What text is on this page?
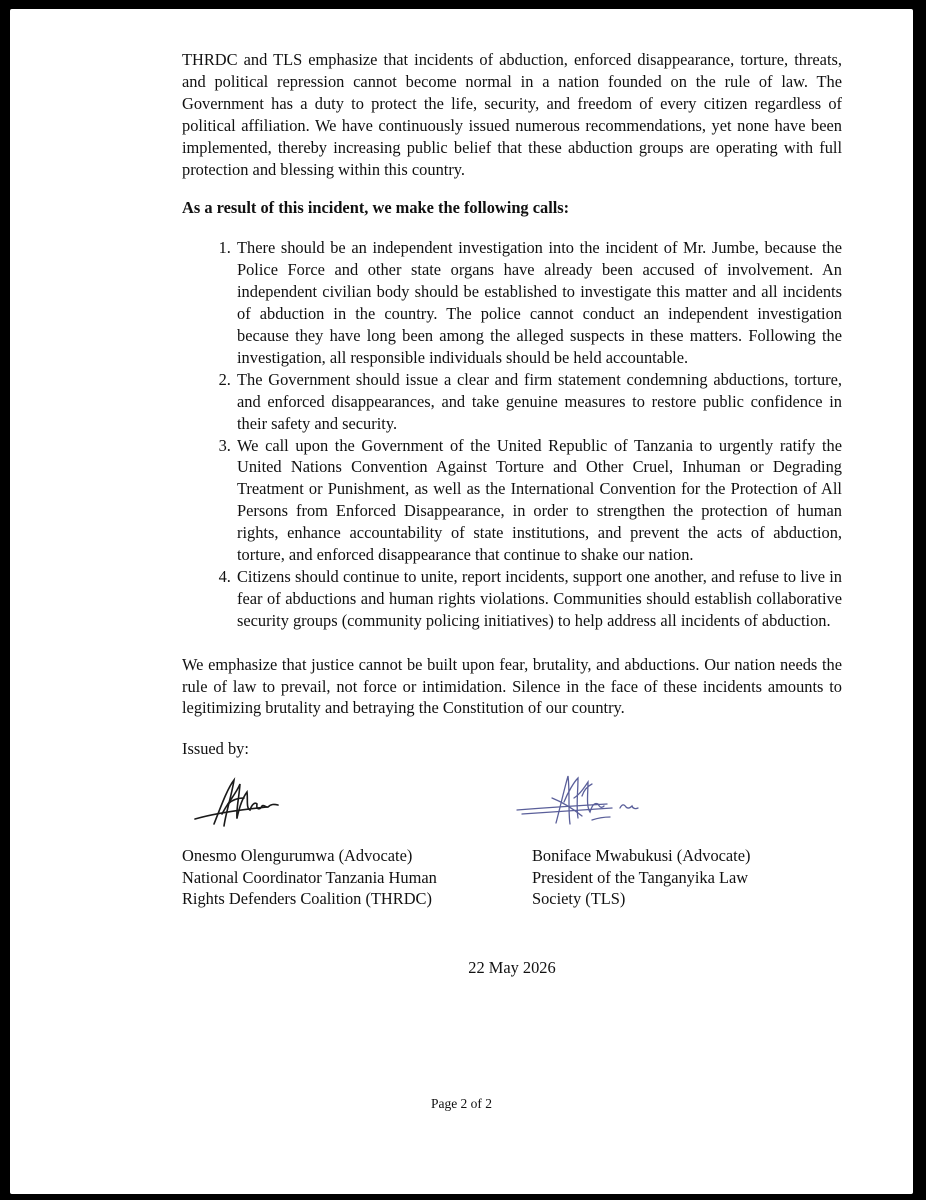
THRDC and TLS emphasize that incidents of abduction, enforced disappearance, torture, threats, and political repression cannot become normal in a nation founded on the rule of law. The Government has a duty to protect the life, security, and freedom of every citizen regardless of political affiliation. We have continuously issued numerous recommendations, yet none have been implemented, thereby increasing public belief that these abduction groups are operating with full protection and blessing within this country.

As a result of this incident, we make the following calls:

1. There should be an independent investigation into the incident of Mr. Jumbe, because the Police Force and other state organs have already been accused of involvement. An independent civilian body should be established to investigate this matter and all incidents of abduction in the country. The police cannot conduct an independent investigation because they have long been among the alleged suspects in these matters. Following the investigation, all responsible individuals should be held accountable.
2. The Government should issue a clear and firm statement condemning abductions, torture, and enforced disappearances, and take genuine measures to restore public confidence in their safety and security.
3. We call upon the Government of the United Republic of Tanzania to urgently ratify the United Nations Convention Against Torture and Other Cruel, Inhuman or Degrading Treatment or Punishment, as well as the International Convention for the Protection of All Persons from Enforced Disappearance, in order to strengthen the protection of human rights, enhance accountability of state institutions, and prevent the acts of abduction, torture, and enforced disappearance that continue to shake our nation.
4. Citizens should continue to unite, report incidents, support one another, and refuse to live in fear of abductions and human rights violations. Communities should establish collaborative security groups (community policing initiatives) to help address all incidents of abduction.

We emphasize that justice cannot be built upon fear, brutality, and abductions. Our nation needs the rule of law to prevail, not force or intimidation. Silence in the face of these incidents amounts to legitimizing brutality and betraying the Constitution of our country.

Issued by:

Onesmo Olengurumwa (Advocate)
National Coordinator Tanzania Human
Rights Defenders Coalition (THRDC)
Boniface Mwabukusi (Advocate)
President of the Tanganyika Law
Society (TLS)
22 May 2026
Page 2 of 2
